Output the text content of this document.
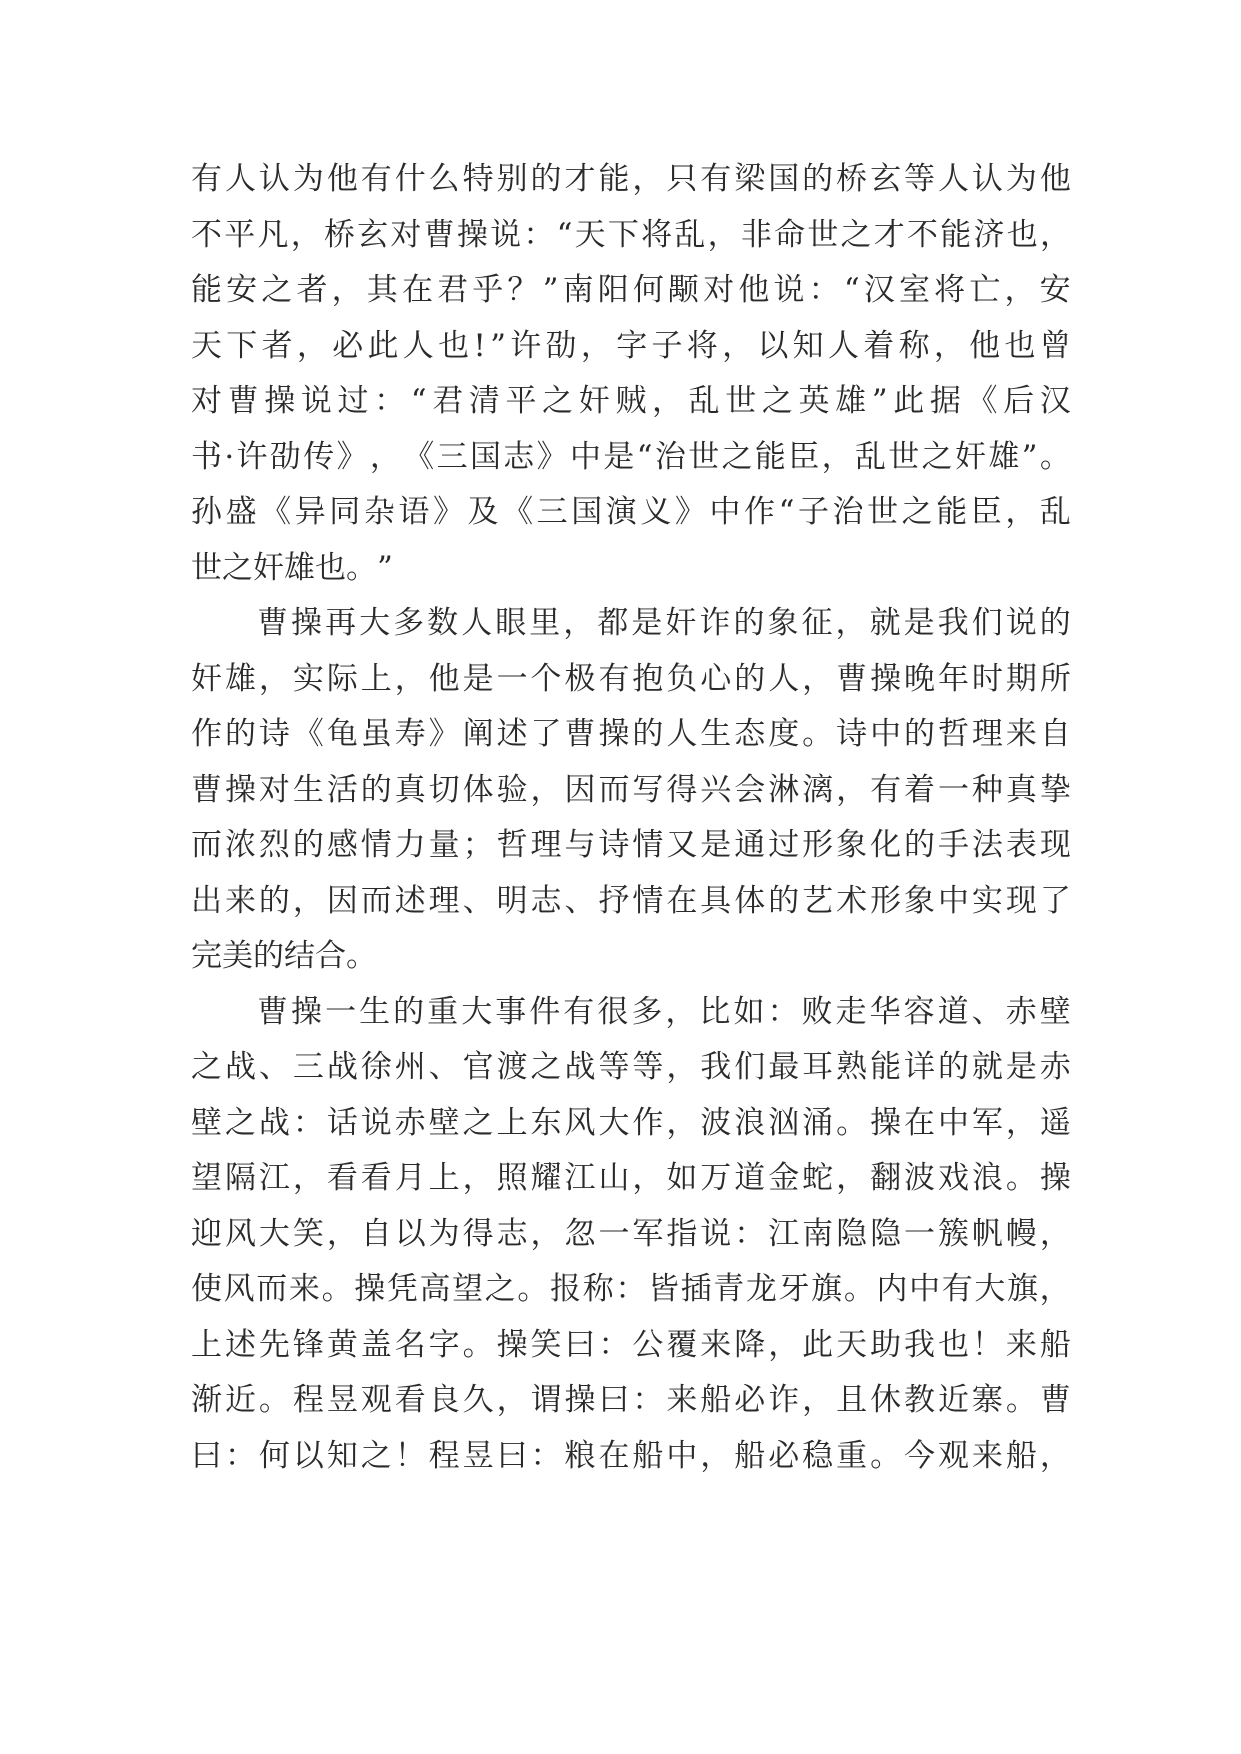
有 人 认 为 他 有 什 么 特 别 的 才 能 ， 只 有 梁 国 的 桥 玄 等 人 认 为 他
不 平 凡 ， 桥 玄 对 曹 操 说 ： “ 天 下 将 乱 ， 非 命 世 之 才 不 能 济 也 ，
能 安 之 者 ， 其 在 君 乎 ？ ” 南 阳 何 颙 对 他 说 ： “ 汉 室 将 亡 ， 安
天 下 者 ， 必 此 人 也 ! ” 许 劭 ， 字 子 将 ， 以 知 人 着 称 ， 他 也 曾
对 曹 操 说 过 ： “ 君 清 平 之 奸 贼 ， 乱 世 之 英 雄 ” 此 据 《 后 汉
书 · 许 劭 传 》 ， 《 三 国 志 》 中 是 “ 治 世 之 能 臣 ， 乱 世 之 奸 雄 ” 。
孙 盛 《 异 同 杂 语 》 及 《 三 国 演 义 》 中 作 “ 子 治 世 之 能 臣 ， 乱
世 之 奸 雄 也 。 ”
曹 操 再 大 多 数 人 眼 里 ， 都 是 奸 诈 的 象 征 ， 就 是 我 们 说 的
奸 雄 ， 实 际 上 ， 他 是 一 个 极 有 抱 负 心 的 人 ， 曹 操 晚 年 时 期 所
作 的 诗 《 龟 虽 寿 》 阐 述 了 曹 操 的 人 生 态 度 。 诗 中 的 哲 理 来 自
曹 操 对 生 活 的 真 切 体 验 ， 因 而 写 得 兴 会 淋 漓 ， 有 着 一 种 真 挚
而 浓 烈 的 感 情 力 量 ； 哲 理 与 诗 情 又 是 通 过 形 象 化 的 手 法 表 现
出 来 的 ， 因 而 述 理 、 明 志 、 抒 情 在 具 体 的 艺 术 形 象 中 实 现 了
完 美 的 结 合 。
曹 操 一 生 的 重 大 事 件 有 很 多 ， 比 如 ： 败 走 华 容 道 、 赤 壁
之 战 、 三 战 徐 州 、 官 渡 之 战 等 等 ， 我 们 最 耳 熟 能 详 的 就 是 赤
壁 之 战 ： 话 说 赤 壁 之 上 东 风 大 作 ， 波 浪 汹 涌 。 操 在 中 军 ， 遥
望 隔 江 ， 看 看 月 上 ， 照 耀 江 山 ， 如 万 道 金 蛇 ， 翻 波 戏 浪 。 操
迎 风 大 笑 ， 自 以 为 得 志 ， 忽 一 军 指 说 ： 江 南 隐 隐 一 簇 帆 幔 ，
使 风 而 来 。 操 凭 高 望 之 。 报 称 ： 皆 插 青 龙 牙 旗 。 内 中 有 大 旗 ，
上 述 先 锋 黄 盖 名 字 。 操 笑 曰 ： 公 覆 来 降 ， 此 天 助 我 也 ！ 来 船
渐 近 。 程 昱 观 看 良 久 ， 谓 操 曰 ： 来 船 必 诈 ， 且 休 教 近 寨 。 曹
曰 ： 何 以 知 之 ！ 程 昱 曰 ： 粮 在 船 中 ， 船 必 稳 重 。 今 观 来 船 ，
